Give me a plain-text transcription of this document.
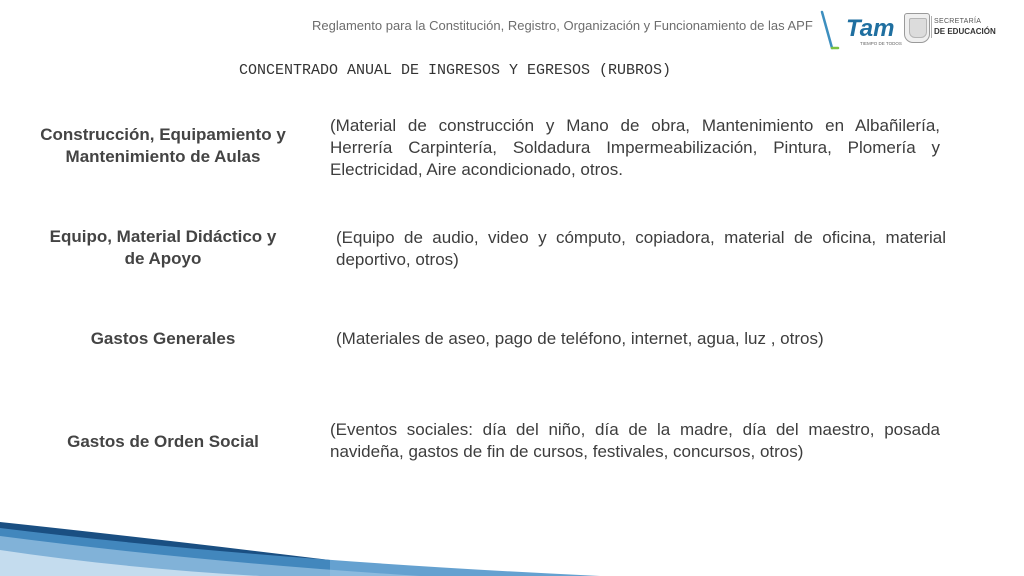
Reglamento para la Constitución, Registro, Organización y Funcionamiento de las APF Tam
TIEMPO DE TODOS
SECRETARÍA
DE EDUCACIÓN
CONCENTRADO ANUAL DE INGRESOS Y EGRESOS (RUBROS)
Construcción, Equipamiento y Mantenimiento de Aulas
(Material de construcción y Mano de obra, Mantenimiento en Albañilería, Herrería Carpintería, Soldadura Impermeabilización, Pintura, Plomería y Electricidad, Aire acondicionado, otros.
Equipo, Material Didáctico y de Apoyo
(Equipo de audio, video y cómputo, copiadora, material de oficina, material deportivo, otros)
Gastos Generales	(Materiales de aseo, pago de teléfono, internet, agua, luz , otros)
Gastos de Orden Social
(Eventos sociales: día del niño, día de la madre, día del maestro, posada navideña, gastos de fin de cursos, festivales, concursos, otros)
